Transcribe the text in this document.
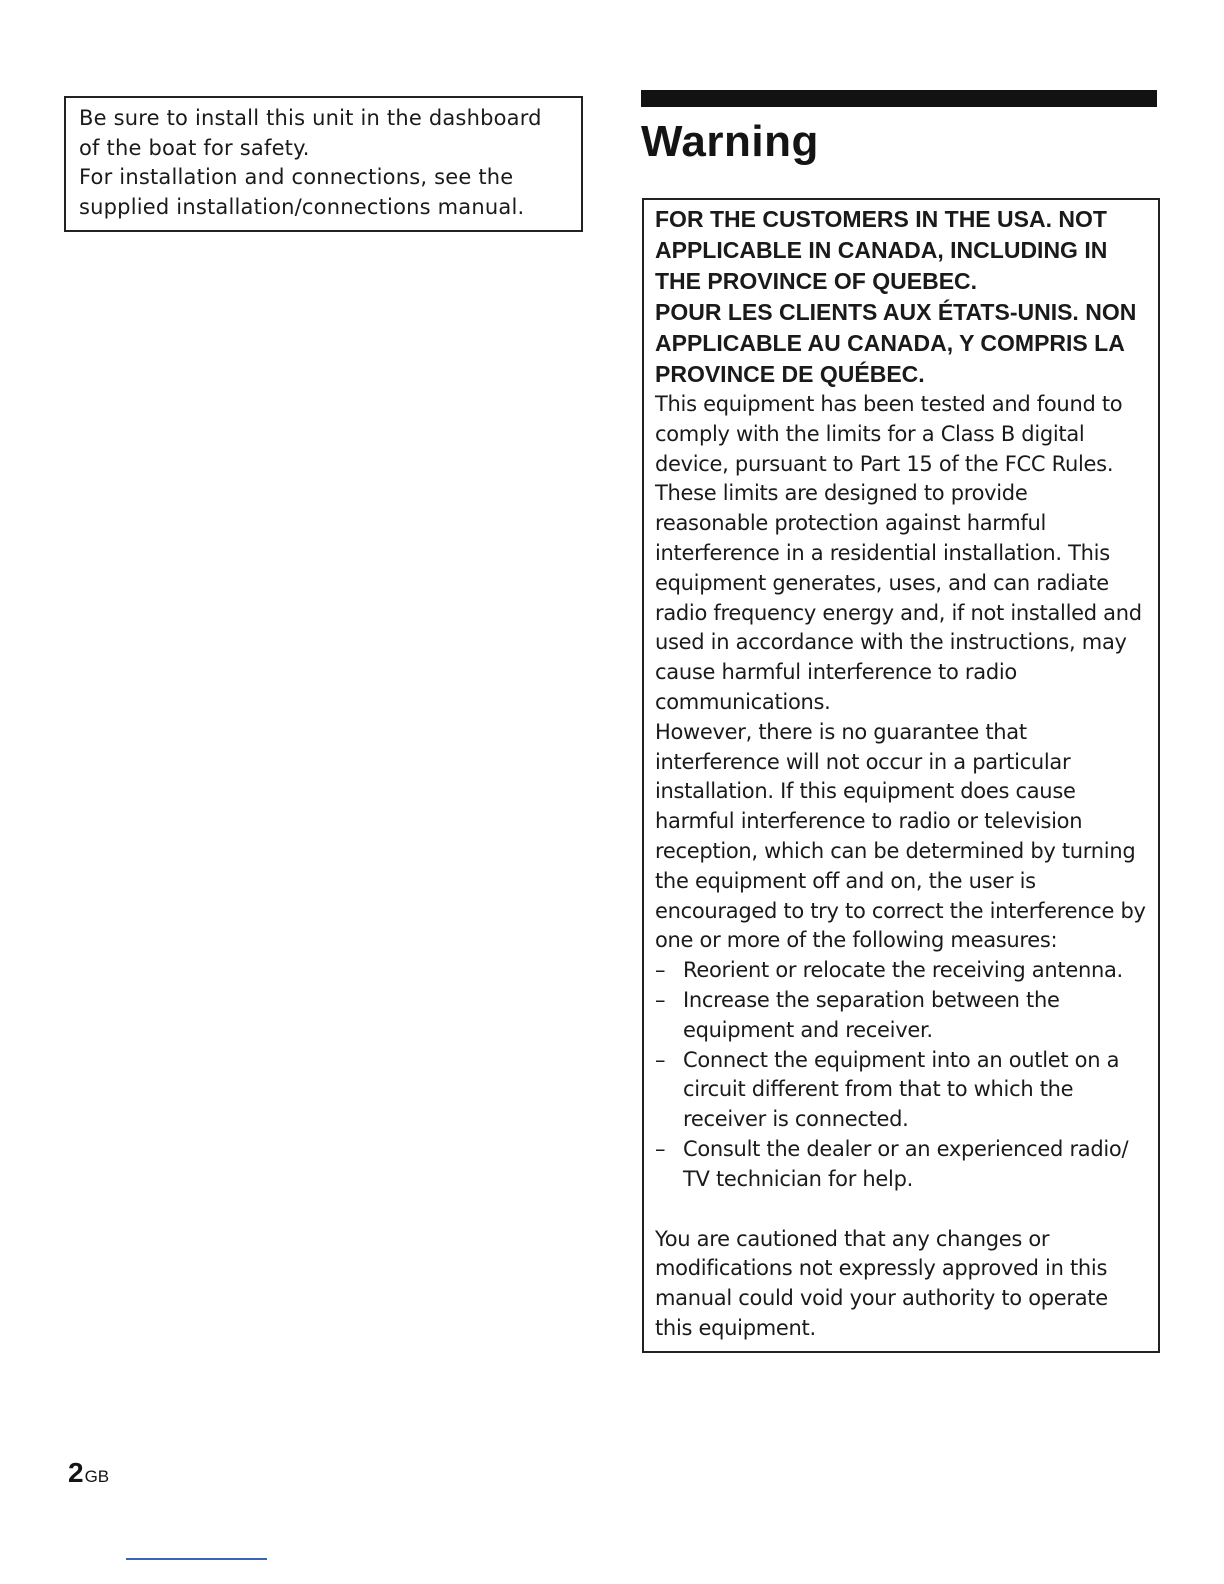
Be sure to install this unit in the dashboard of the boat for safety.

For installation and connections, see the supplied installation/connections manual.

Warning

FOR THE CUSTOMERS IN THE USA. NOT APPLICABLE IN CANADA, INCLUDING IN THE PROVINCE OF QUEBEC.

POUR LES CLIENTS AUX ÉTATS-UNIS. NON APPLICABLE AU CANADA, Y COMPRIS LA PROVINCE DE QUÉBEC.

This equipment has been tested and found to comply with the limits for a Class B digital device, pursuant to Part 15 of the FCC Rules. These limits are designed to provide reasonable protection against harmful interference in a residential installation. This equipment generates, uses, and can radiate radio frequency energy and, if not installed and used in accordance with the instructions, may cause harmful interference to radio communications.

However, there is no guarantee that interference will not occur in a particular installation. If this equipment does cause harmful interference to radio or television reception, which can be determined by turning the equipment off and on, the user is encouraged to try to correct the interference by one or more of the following measures:

– Reorient or relocate the receiving antenna.
– Increase the separation between the equipment and receiver.
– Connect the equipment into an outlet on a circuit different from that to which the receiver is connected.
– Consult the dealer or an experienced radio/ TV technician for help.

You are cautioned that any changes or modifications not expressly approved in this manual could void your authority to operate this equipment.

2GB
